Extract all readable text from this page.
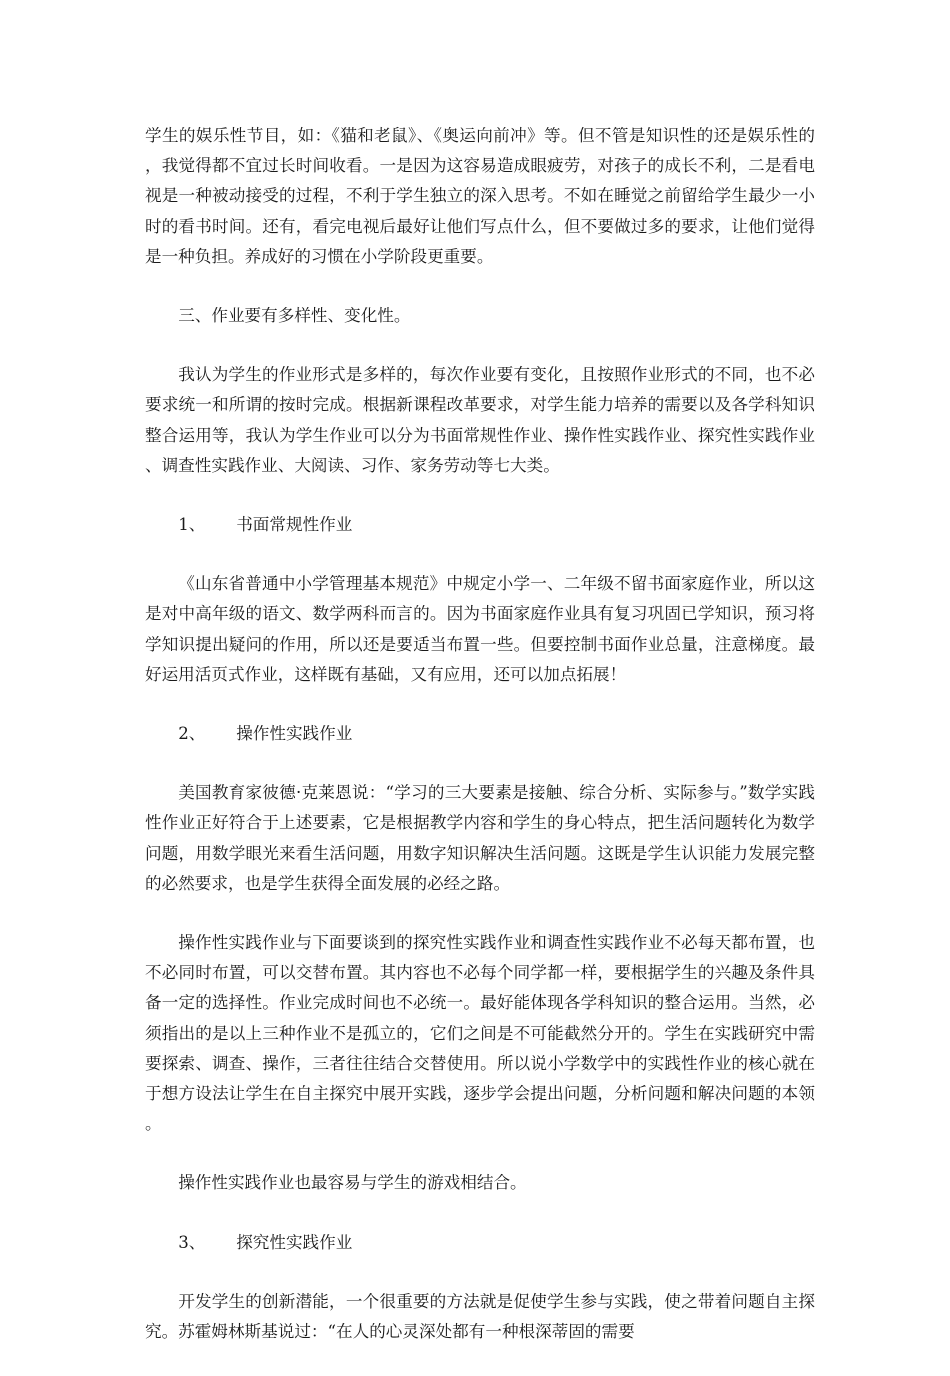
学生的娱乐性节目，如：《猫和老鼠》、《奥运向前冲》等。但不管是知识性的还是娱乐性的，我觉得都不宜过长时间收看。一是因为这容易造成眼疲劳，对孩子的成长不利，二是看电视是一种被动接受的过程，不利于学生独立的深入思考。不如在睡觉之前留给学生最少一小时的看书时间。还有，看完电视后最好让他们写点什么，但不要做过多的要求，让他们觉得是一种负担。养成好的习惯在小学阶段更重要。

三、作业要有多样性、变化性。

我认为学生的作业形式是多样的，每次作业要有变化，且按照作业形式的不同，也不必要求统一和所谓的按时完成。根据新课程改革要求，对学生能力培养的需要以及各学科知识整合运用等，我认为学生作业可以分为书面常规性作业、操作性实践作业、探究性实践作业、调查性实践作业、大阅读、习作、家务劳动等七大类。

1、 书面常规性作业

《山东省普通中小学管理基本规范》中规定小学一、二年级不留书面家庭作业，所以这是对中高年级的语文、数学两科而言的。因为书面家庭作业具有复习巩固已学知识，预习将学知识提出疑问的作用，所以还是要适当布置一些。但要控制书面作业总量，注意梯度。最好运用活页式作业，这样既有基础，又有应用，还可以加点拓展！

2、 操作性实践作业

美国教育家彼德·克莱恩说：“学习的三大要素是接触、综合分析、实际参与。”数学实践性作业正好符合于上述要素，它是根据教学内容和学生的身心特点，把生活问题转化为数学问题，用数学眼光来看生活问题，用数字知识解决生活问题。这既是学生认识能力发展完整的必然要求，也是学生获得全面发展的必经之路。

操作性实践作业与下面要谈到的探究性实践作业和调查性实践作业不必每天都布置，也不必同时布置，可以交替布置。其内容也不必每个同学都一样，要根据学生的兴趣及条件具备一定的选择性。作业完成时间也不必统一。最好能体现各学科知识的整合运用。当然，必须指出的是以上三种作业不是孤立的，它们之间是不可能截然分开的。学生在实践研究中需要探索、调查、操作，三者往往结合交替使用。所以说小学数学中的实践性作业的核心就在于想方设法让学生在自主探究中展开实践，逐步学会提出问题，分析问题和解决问题的本领。

操作性实践作业也最容易与学生的游戏相结合。

3、 探究性实践作业

开发学生的创新潜能，一个很重要的方法就是促使学生参与实践，使之带着问题自主探究。苏霍姆林斯基说过：“在人的心灵深处都有一种根深蒂固的需要
